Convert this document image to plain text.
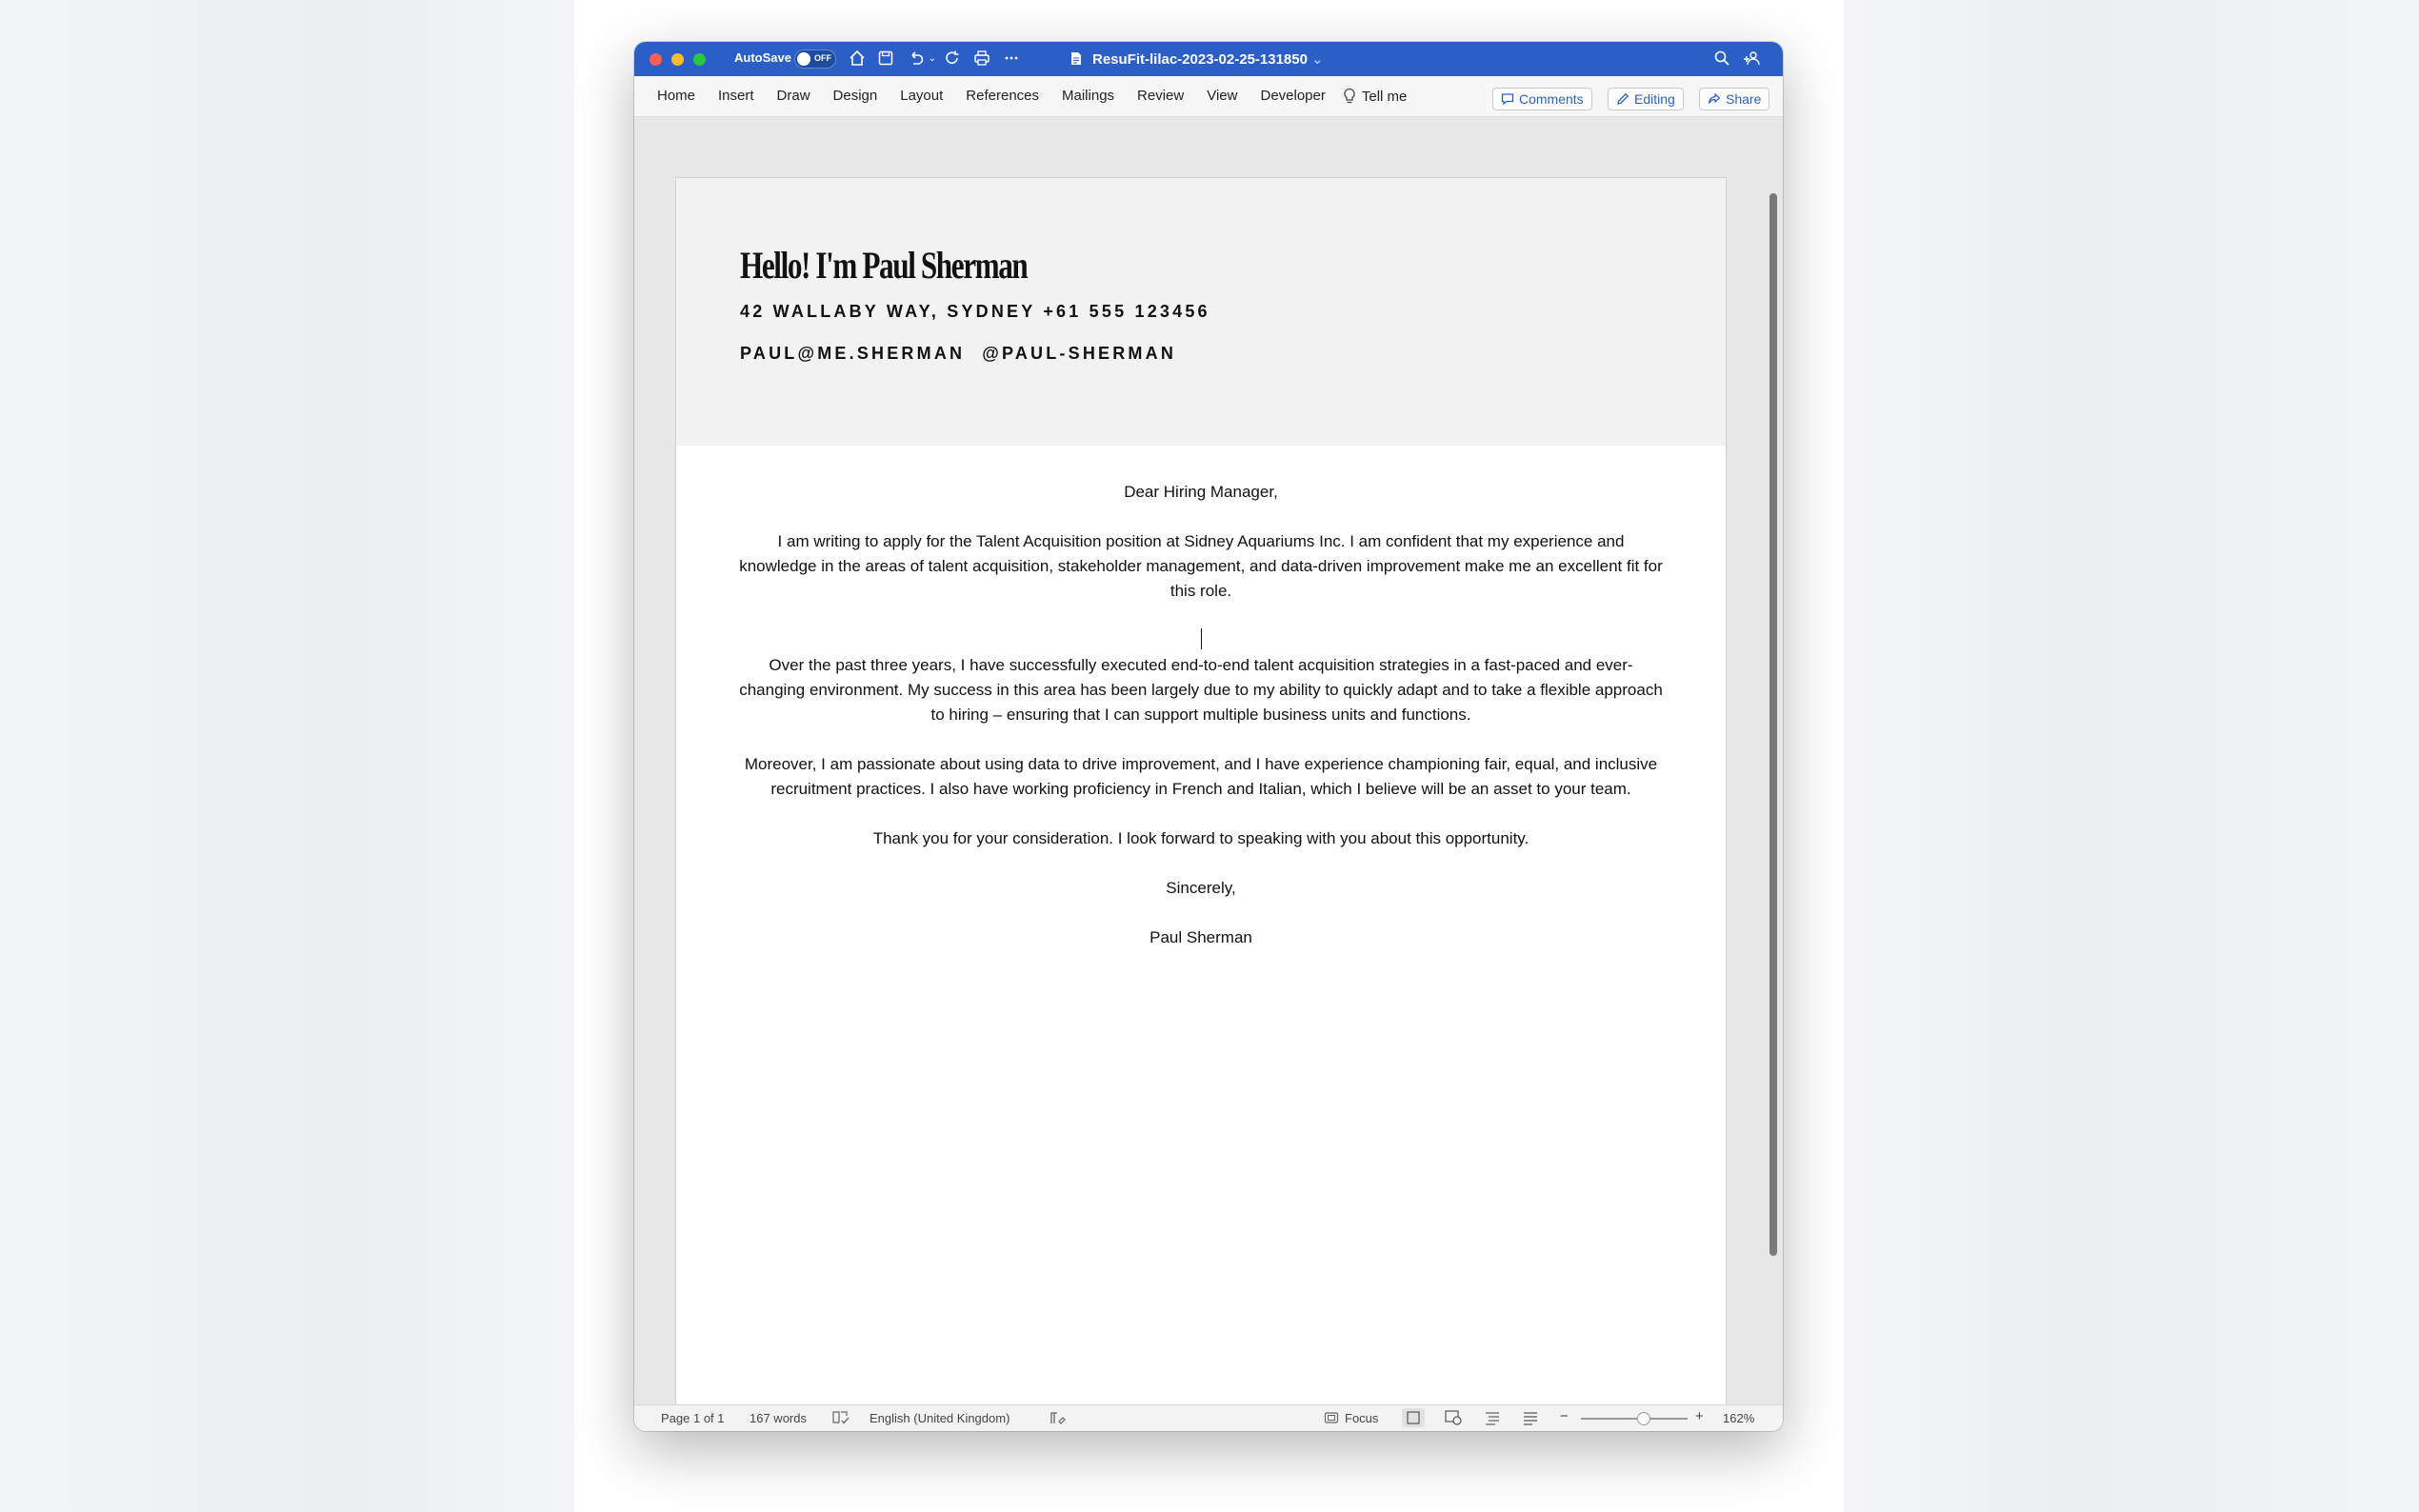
AutoSave	OFF	⌄	ResuFit-lilac-2023-02-25-131850 ⌄
Home	Insert	Draw	Design	Layout	References	Mailings	Review	View	Developer	Tell me	Comments	Editing	Share
Hello! I'm Paul Sherman
42 WALLABY WAY, SYDNEY +61 555 123456
PAUL@ME.SHERMAN @PAUL-SHERMAN

Dear Hiring Manager,

I am writing to apply for the Talent Acquisition position at Sidney Aquariums Inc. I am confident that my experience and knowledge in the areas of talent acquisition, stakeholder management, and data-driven improvement make me an excellent fit for this role.

Over the past three years, I have successfully executed end-to-end talent acquisition strategies in a fast-paced and ever-changing environment. My success in this area has been largely due to my ability to quickly adapt and to take a flexible approach to hiring – ensuring that I can support multiple business units and functions.

Moreover, I am passionate about using data to drive improvement, and I have experience championing fair, equal, and inclusive recruitment practices. I also have working proficiency in French and Italian, which I believe will be an asset to your team.

Thank you for your consideration. I look forward to speaking with you about this opportunity.

Sincerely,

Paul Sherman

Page 1 of 1 167 words	English (United Kingdom)	Focus	−	+ 162%
